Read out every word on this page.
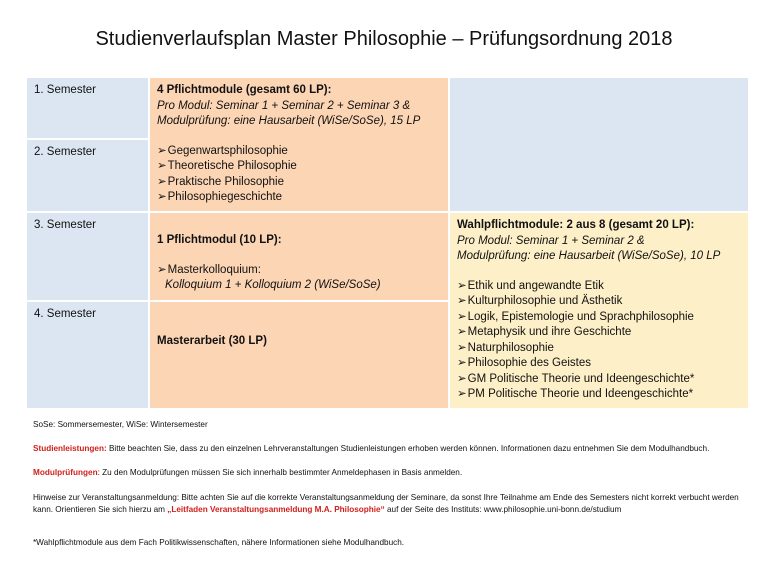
Studienverlaufsplan Master Philosophie – Prüfungsordnung 2018
1. Semester
2. Semester
3. Semester
4. Semester
4 Pflichtmodule (gesamt 60 LP):
Pro Modul: Seminar 1 + Seminar 2 + Seminar 3 &
Modulprüfung: eine Hausarbeit (WiSe/SoSe), 15 LP
➢ Gegenwartsphilosophie
➢ Theoretische Philosophie
➢ Praktische Philosophie
➢ Philosophiegeschichte
1 Pflichtmodul (10 LP):
➢ Masterkolloquium:
Kolloquium 1 + Kolloquium 2 (WiSe/SoSe)
Masterarbeit (30 LP)
Wahlpflichtmodule: 2 aus 8 (gesamt 20 LP):
Pro Modul: Seminar 1 + Seminar 2 &
Modulprüfung: eine Hausarbeit (WiSe/SoSe), 10 LP
➢ Ethik und angewandte Etik
➢ Kulturphilosophie und Ästhetik
➢ Logik, Epistemologie und Sprachphilosophie
➢ Metaphysik und ihre Geschichte
➢ Naturphilosophie
➢ Philosophie des Geistes
➢ GM Politische Theorie und Ideengeschichte*
➢ PM Politische Theorie und Ideengeschichte*
SoSe: Sommersemester, WiSe: Wintersemester
Studienleistungen: Bitte beachten Sie, dass zu den einzelnen Lehrveranstaltungen Studienleistungen erhoben werden können. Informationen dazu entnehmen Sie dem Modulhandbuch.
Modulprüfungen: Zu den Modulprüfungen müssen Sie sich innerhalb bestimmter Anmeldephasen in Basis anmelden.
Hinweise zur Veranstaltungsanmeldung: Bitte achten Sie auf die korrekte Veranstaltungsanmeldung der Seminare, da sonst Ihre Teilnahme am Ende des Semesters nicht korrekt verbucht werden kann. Orientieren Sie sich hierzu am „Leitfaden Veranstaltungsanmeldung M.A. Philosophie“ auf der Seite des Instituts: www.philosophie.uni-bonn.de/studium
*Wahlpflichtmodule aus dem Fach Politikwissenschaften, nähere Informationen siehe Modulhandbuch.
